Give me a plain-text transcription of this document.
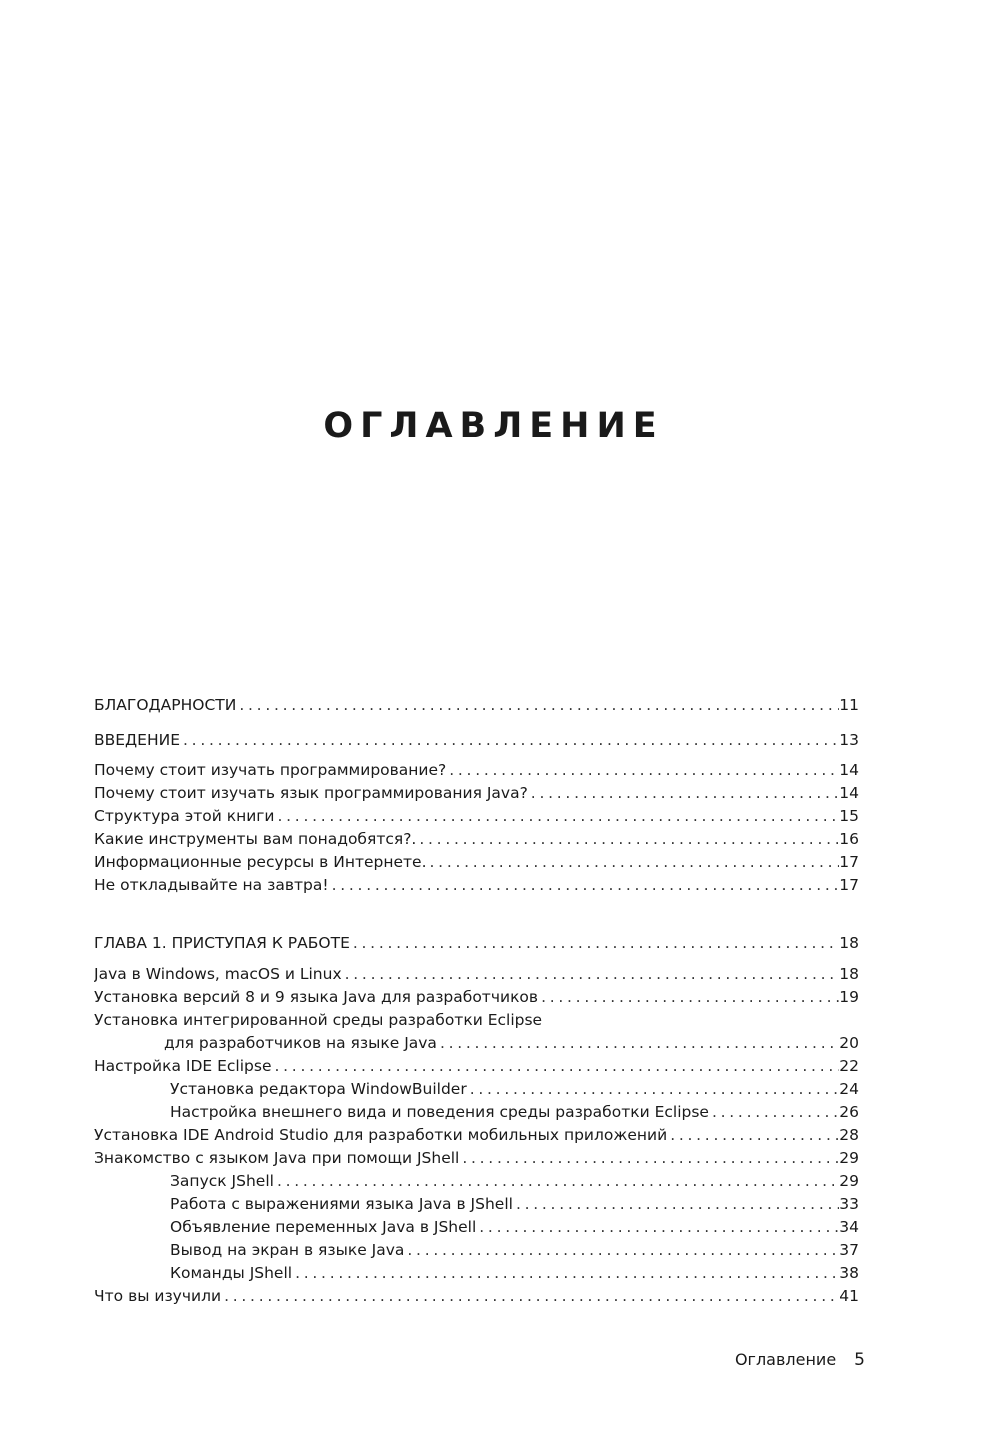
ОГЛАВЛЕНИЕ
БЛАГОДАРНОСТИ . . .	11
ВВЕДЕНИЕ . . .	13
Почему стоит изучать программирование? . . .	14
Почему стоит изучать язык программирования Java? . . .	14
Структура этой книги . . .	15
Какие инструменты вам понадобятся?. . . .	16
Информационные ресурсы в Интернете. . . .	17
Не откладывайте на завтра! . . .	17
ГЛАВА 1. ПРИСТУПАЯ К РАБОТЕ . . .	18
Java в Windows, macOS и Linux . . .	18
Установка версий 8 и 9 языка Java для разработчиков . . .	19
Установка интегрированной среды разработки Eclipse
для разработчиков на языке Java . . .	20
Настройка IDE Eclipse . . .	22
Установка редактора WindowBuilder . . .	24
Настройка внешнего вида и поведения среды разработки Eclipse . . .	26
Установка IDE Android Studio для разработки мобильных приложений . . .	28
Знакомство с языком Java при помощи JShell . . .	29
Запуск JShell . . .	29
Работа с выражениями языка Java в JShell . . .	33
Объявление переменных Java в JShell . . .	34
Вывод на экран в языке Java . . .	37
Команды JShell . . .	38
Что вы изучили . . .	41
Оглавление 5
